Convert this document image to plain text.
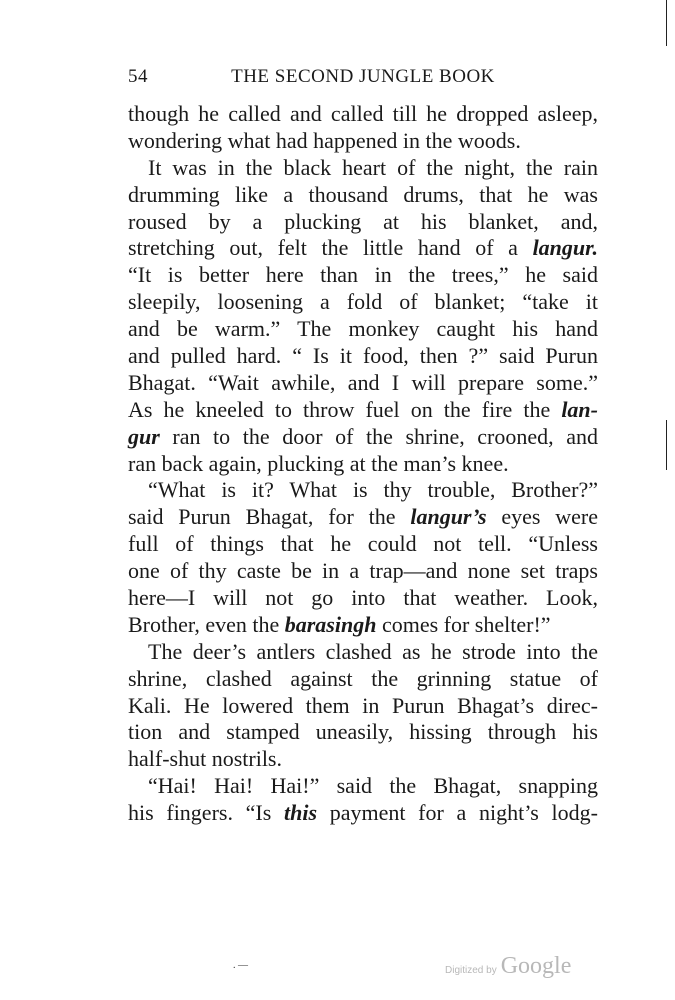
54	THE SECOND JUNGLE BOOK
though he called and called till he dropped asleep,
wondering what had happened in the woods.
It was in the black heart of the night, the rain
drumming like a thousand drums, that he was
roused by a plucking at his blanket, and,
stretching out, felt the little hand of a langur.
“It is better here than in the trees,” he said
sleepily, loosening a fold of blanket; “take it
and be warm.” The monkey caught his hand
and pulled hard. “ Is it food, then ?” said Purun
Bhagat. “Wait awhile, and I will prepare some.”
As he kneeled to throw fuel on the fire the lan-
gur ran to the door of the shrine, crooned, and
ran back again, plucking at the man’s knee.
“What is it? What is thy trouble, Brother?”
said Purun Bhagat, for the langur’s eyes were
full of things that he could not tell. “Unless
one of thy caste be in a trap—and none set traps
here—I will not go into that weather. Look,
Brother, even the barasingh comes for shelter!”
The deer’s antlers clashed as he strode into the
shrine, clashed against the grinning statue of
Kali. He lowered them in Purun Bhagat’s direc-
tion and stamped uneasily, hissing through his
half-shut nostrils.
“Hai! Hai! Hai!” said the Bhagat, snapping
his fingers. “Is this payment for a night’s lodg-
. —	Digitized by Google
